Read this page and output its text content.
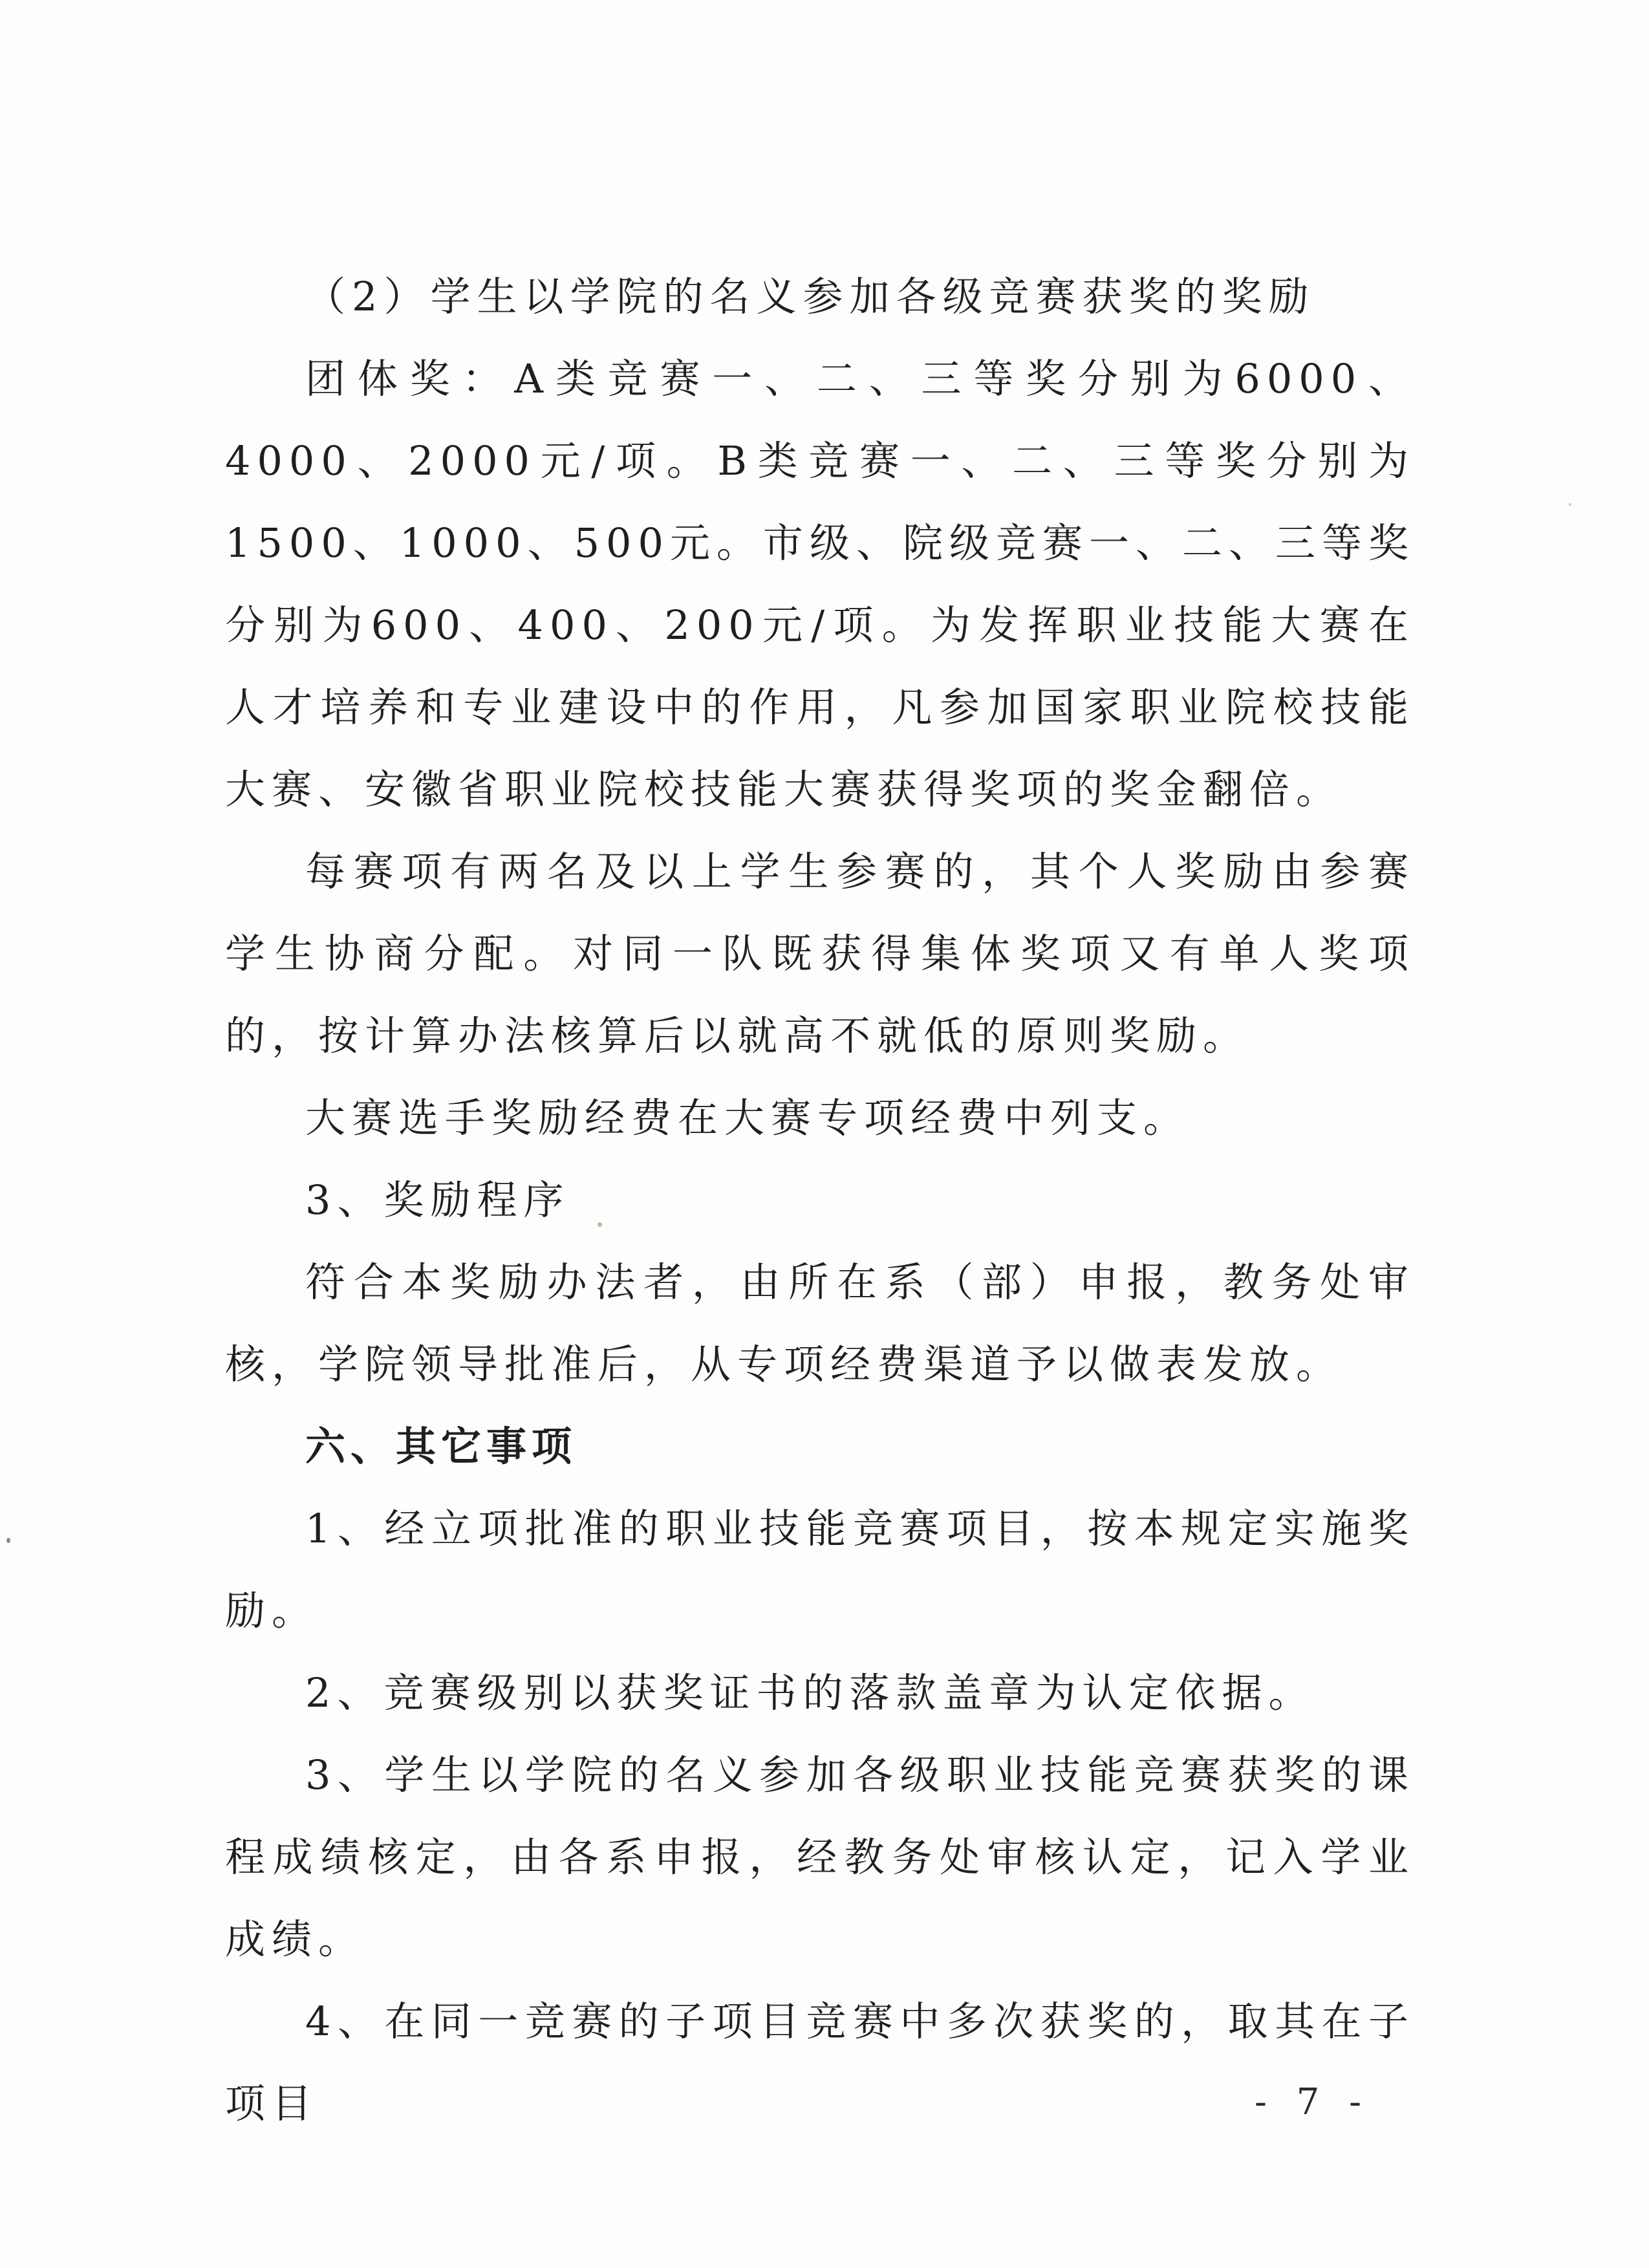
（2）学生以学院的名义参加各级竞赛获奖的奖励

团体奖：A类竞赛一、二、三等奖分别为6000、4000、2000元/项。B类竞赛一、二、三等奖分别为1500、1000、500元。市级、院级竞赛一、二、三等奖分别为600、400、200元/项。为发挥职业技能大赛在人才培养和专业建设中的作用，凡参加国家职业院校技能大赛、安徽省职业院校技能大赛获得奖项的奖金翻倍。

每赛项有两名及以上学生参赛的，其个人奖励由参赛学生协商分配。对同一队既获得集体奖项又有单人奖项的，按计算办法核算后以就高不就低的原则奖励。

大赛选手奖励经费在大赛专项经费中列支。

3、奖励程序

符合本奖励办法者，由所在系（部）申报，教务处审核，学院领导批准后，从专项经费渠道予以做表发放。

六、其它事项

1、经立项批准的职业技能竞赛项目，按本规定实施奖励。

2、竞赛级别以获奖证书的落款盖章为认定依据。

3、学生以学院的名义参加各级职业技能竞赛获奖的课程成绩核定，由各系申报，经教务处审核认定，记入学业成绩。

4、在同一竞赛的子项目竞赛中多次获奖的，取其在子项目	- 7 -
